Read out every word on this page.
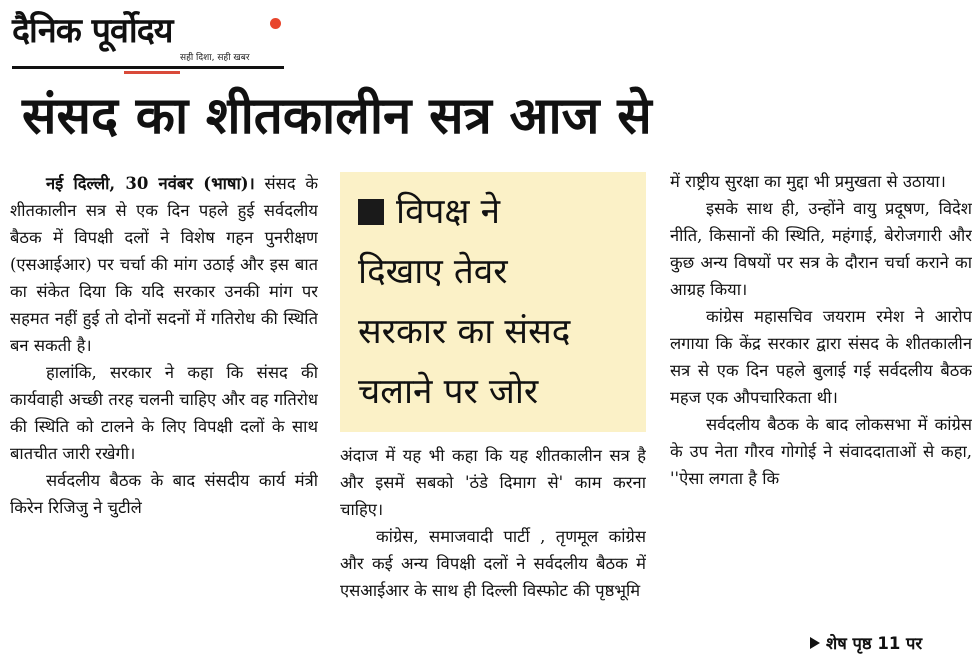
दैनिक पूर्वोदय
सही दिशा, सही खबर
संसद का शीतकालीन सत्र आज से

नई दिल्ली, 30 नवंबर (भाषा)। संसद के शीतकालीन सत्र से एक दिन पहले हुई सर्वदलीय बैठक में विपक्षी दलों ने विशेष गहन पुनरीक्षण (एसआईआर) पर चर्चा की मांग उठाई और इस बात का संकेत दिया कि यदि सरकार उनकी मांग पर सहमत नहीं हुई तो दोनों सदनों में गतिरोध की स्थिति बन सकती है।

हालांकि, सरकार ने कहा कि संसद की कार्यवाही अच्छी तरह चलनी चाहिए और वह गतिरोध की स्थिति को टालने के लिए विपक्षी दलों के साथ बातचीत जारी रखेगी।

सर्वदलीय बैठक के बाद संसदीय कार्य मंत्री किरेन रिजिजु ने चुटीले

विपक्ष ने
दिखाए तेवर
सरकार का संसद
चलाने पर जोर

अंदाज में यह भी कहा कि यह शीतकालीन सत्र है और इसमें सबको 'ठंडे दिमाग से' काम करना चाहिए।

कांग्रेस, समाजवादी पार्टी , तृणमूल कांग्रेस और कई अन्य विपक्षी दलों ने सर्वदलीय बैठक में एसआईआर के साथ ही दिल्ली विस्फोट की पृष्ठभूमि

में राष्ट्रीय सुरक्षा का मुद्दा भी प्रमुखता से उठाया।

इसके साथ ही, उन्होंने वायु प्रदूषण, विदेश नीति, किसानों की स्थिति, महंगाई, बेरोजगारी और कुछ अन्य विषयों पर सत्र के दौरान चर्चा कराने का आग्रह किया।

कांग्रेस महासचिव जयराम रमेश ने आरोप लगाया कि केंद्र सरकार द्वारा संसद के शीतकालीन सत्र से एक दिन पहले बुलाई गई सर्वदलीय बैठक महज एक औपचारिकता थी।

सर्वदलीय बैठक के बाद लोकसभा में कांग्रेस के उप नेता गौरव गोगोई ने संवाददाताओं से कहा, ''ऐसा लगता है कि

शेष पृष्ठ 11 पर
